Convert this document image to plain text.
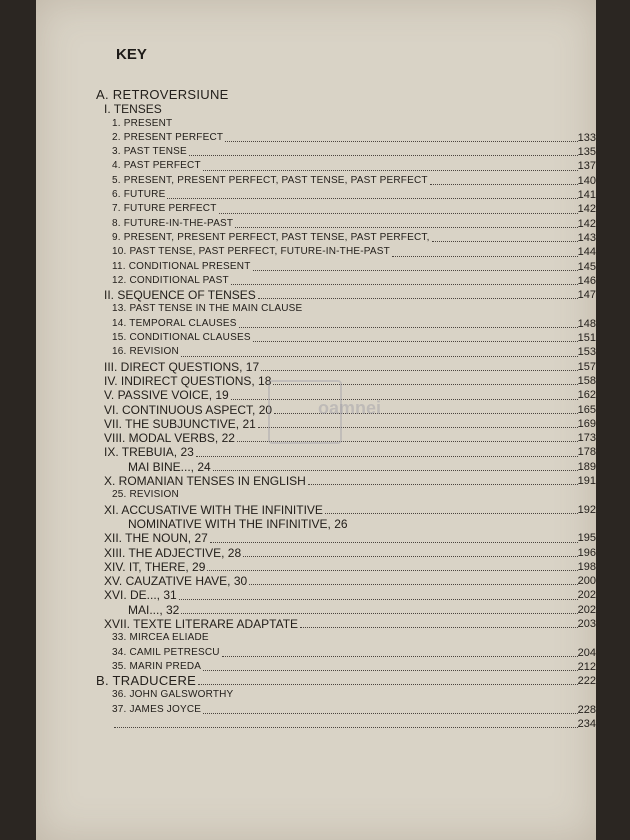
KEY
A. RETROVERSIUNE
I. TENSES
1. PRESENT
2. PRESENT PERFECT	133
3. PAST TENSE	135
4. PAST PERFECT	137
5. PRESENT, PRESENT PERFECT, PAST TENSE, PAST PERFECT	140
6. FUTURE	141
7. FUTURE PERFECT	142
8. FUTURE-IN-THE-PAST	142
9. PRESENT, PRESENT PERFECT, PAST TENSE, PAST PERFECT,	143
10. PAST TENSE, PAST PERFECT, FUTURE-IN-THE-PAST	144
11. CONDITIONAL PRESENT	145
12. CONDITIONAL PAST	146
II. SEQUENCE OF TENSES	147
13. PAST TENSE IN THE MAIN CLAUSE
14. TEMPORAL CLAUSES	148
15. CONDITIONAL CLAUSES	151
16. REVISION	153
III. DIRECT QUESTIONS, 17	157
IV. INDIRECT QUESTIONS, 18	158
V. PASSIVE VOICE, 19	162
VI. CONTINUOUS ASPECT, 20	165
VII. THE SUBJUNCTIVE, 21	169
VIII. MODAL VERBS, 22	173
IX. TREBUIA, 23	178
MAI BINE..., 24	189
X. ROMANIAN TENSES IN ENGLISH	191
25. REVISION
XI. ACCUSATIVE WITH THE INFINITIVE	192
NOMINATIVE WITH THE INFINITIVE, 26
XII. THE NOUN, 27	195
XIII. THE ADJECTIVE, 28	196
XIV. IT, THERE, 29	198
XV. CAUZATIVE HAVE, 30	200
XVI. DE..., 31	202
MAI..., 32	202
XVII. TEXTE LITERARE ADAPTATE	203
33. MIRCEA ELIADE
34. CAMIL PETRESCU	204
35. MARIN PREDA	212
B. TRADUCERE	222
36. JOHN GALSWORTHY
37. JAMES JOYCE	228
234
oamnei
